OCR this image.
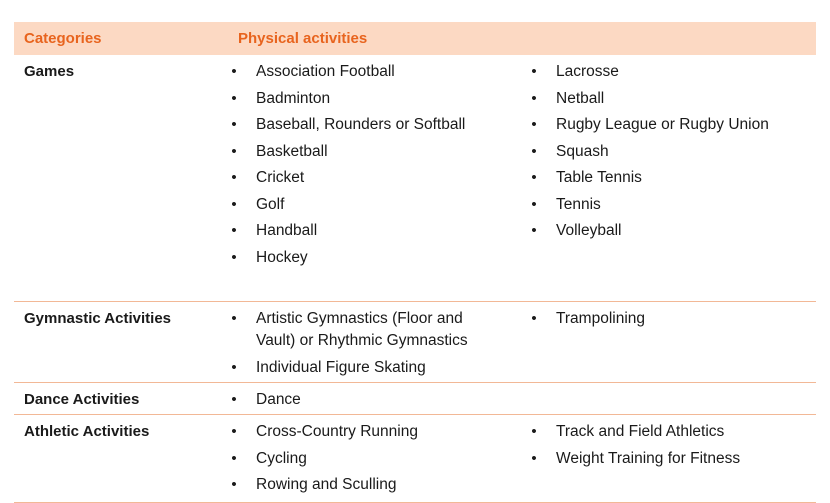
Categories	Physical activities
Games	• Association Football
• Badminton
• Baseball, Rounders or Softball
• Basketball
• Cricket
• Golf
• Handball
• Hockey
• Lacrosse
• Netball
• Rugby League or Rugby Union
• Squash
• Table Tennis
• Tennis
• Volleyball
Gymnastic Activities	• Artistic Gymnastics (Floor and Vault) or Rhythmic Gymnastics
• Individual Figure Skating
• Trampolining
Dance Activities	• Dance
Athletic Activities	• Cross-Country Running
• Cycling
• Rowing and Sculling
• Track and Field Athletics
• Weight Training for Fitness
